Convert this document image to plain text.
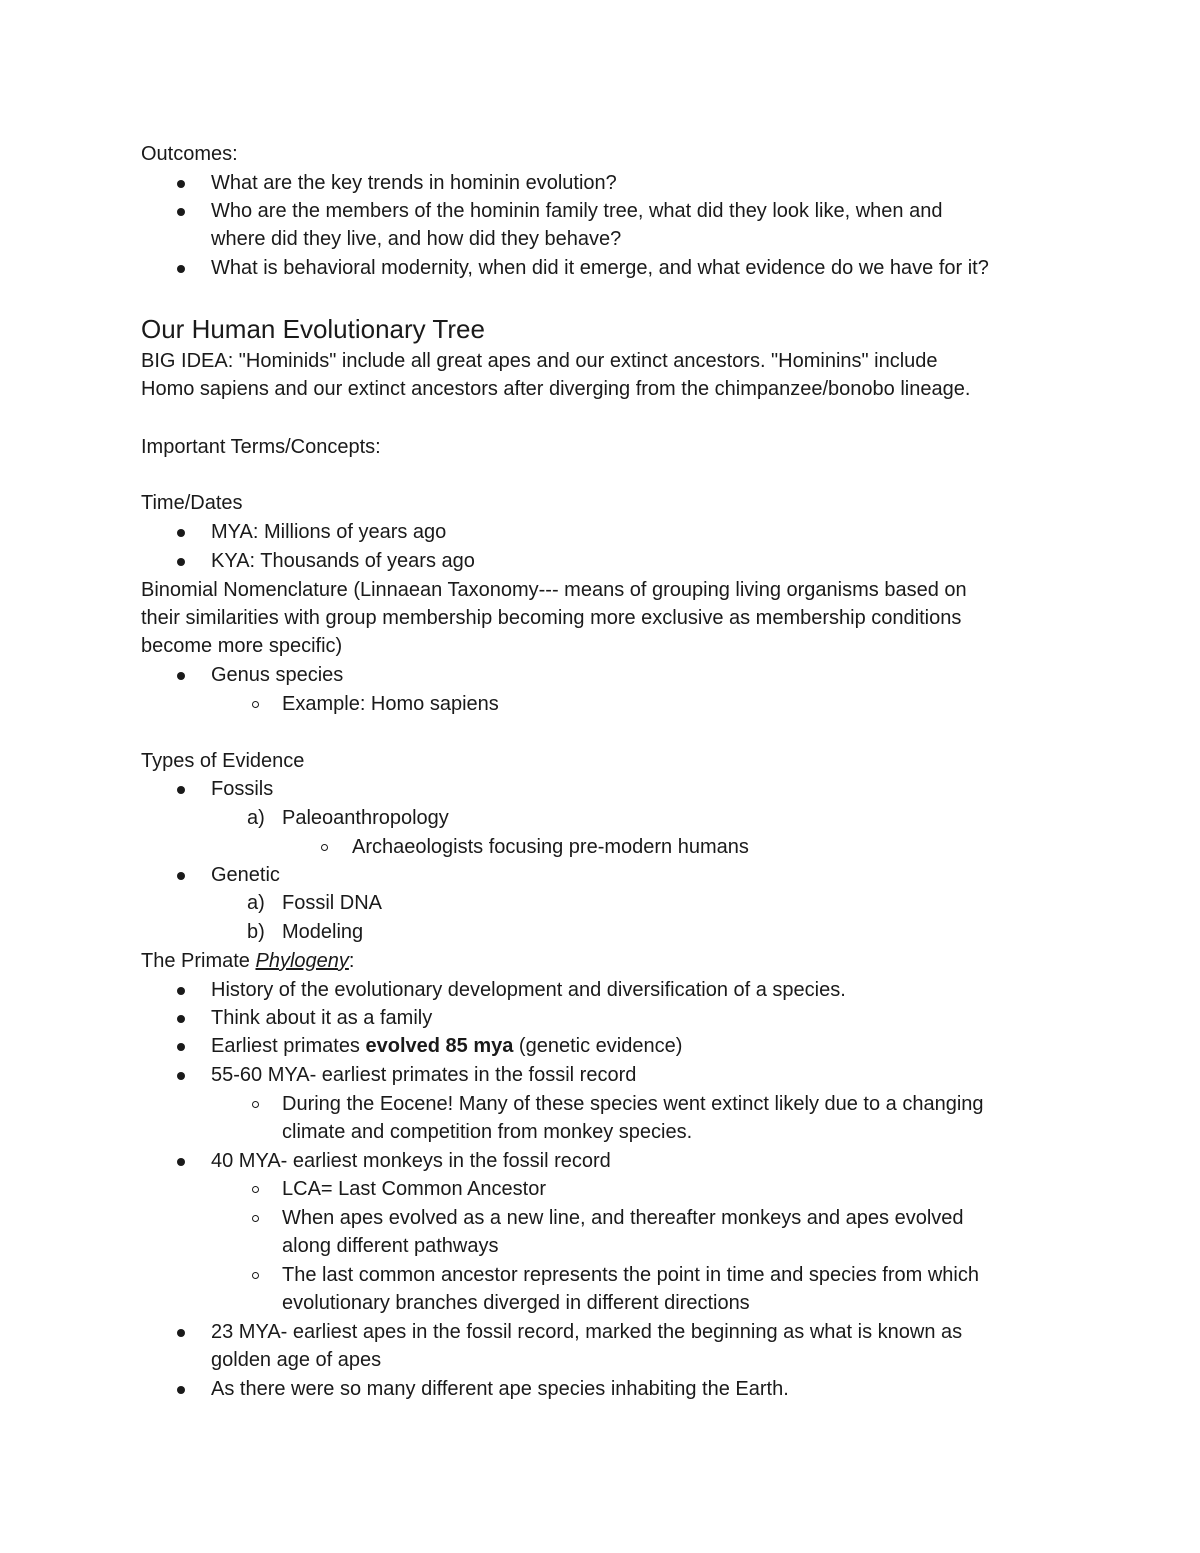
Outcomes:
What are the key trends in hominin evolution?
Who are the members of the hominin family tree, what did they look like, when and
where did they live, and how did they behave?
What is behavioral modernity, when did it emerge, and what evidence do we have for it?
Our Human Evolutionary Tree
BIG IDEA: "Hominids" include all great apes and our extinct ancestors. "Hominins" include
Homo sapiens and our extinct ancestors after diverging from the chimpanzee/bonobo lineage.
Important Terms/Concepts:
Time/Dates
MYA: Millions of years ago
KYA: Thousands of years ago
Binomial Nomenclature (Linnaean Taxonomy--- means of grouping living organisms based on
their similarities with group membership becoming more exclusive as membership conditions
become more specific)
Genus species
Example: Homo sapiens
Types of Evidence
Fossils
a) Paleoanthropology
Archaeologists focusing pre-modern humans
Genetic
a) Fossil DNA
b) Modeling
The Primate Phylogeny:
History of the evolutionary development and diversification of a species.
Think about it as a family
Earliest primates evolved 85 mya (genetic evidence)
55-60 MYA- earliest primates in the fossil record
During the Eocene! Many of these species went extinct likely due to a changing
climate and competition from monkey species.
40 MYA- earliest monkeys in the fossil record
LCA= Last Common Ancestor
When apes evolved as a new line, and thereafter monkeys and apes evolved
along different pathways
The last common ancestor represents the point in time and species from which
evolutionary branches diverged in different directions
23 MYA- earliest apes in the fossil record, marked the beginning as what is known as
golden age of apes
As there were so many different ape species inhabiting the Earth.
